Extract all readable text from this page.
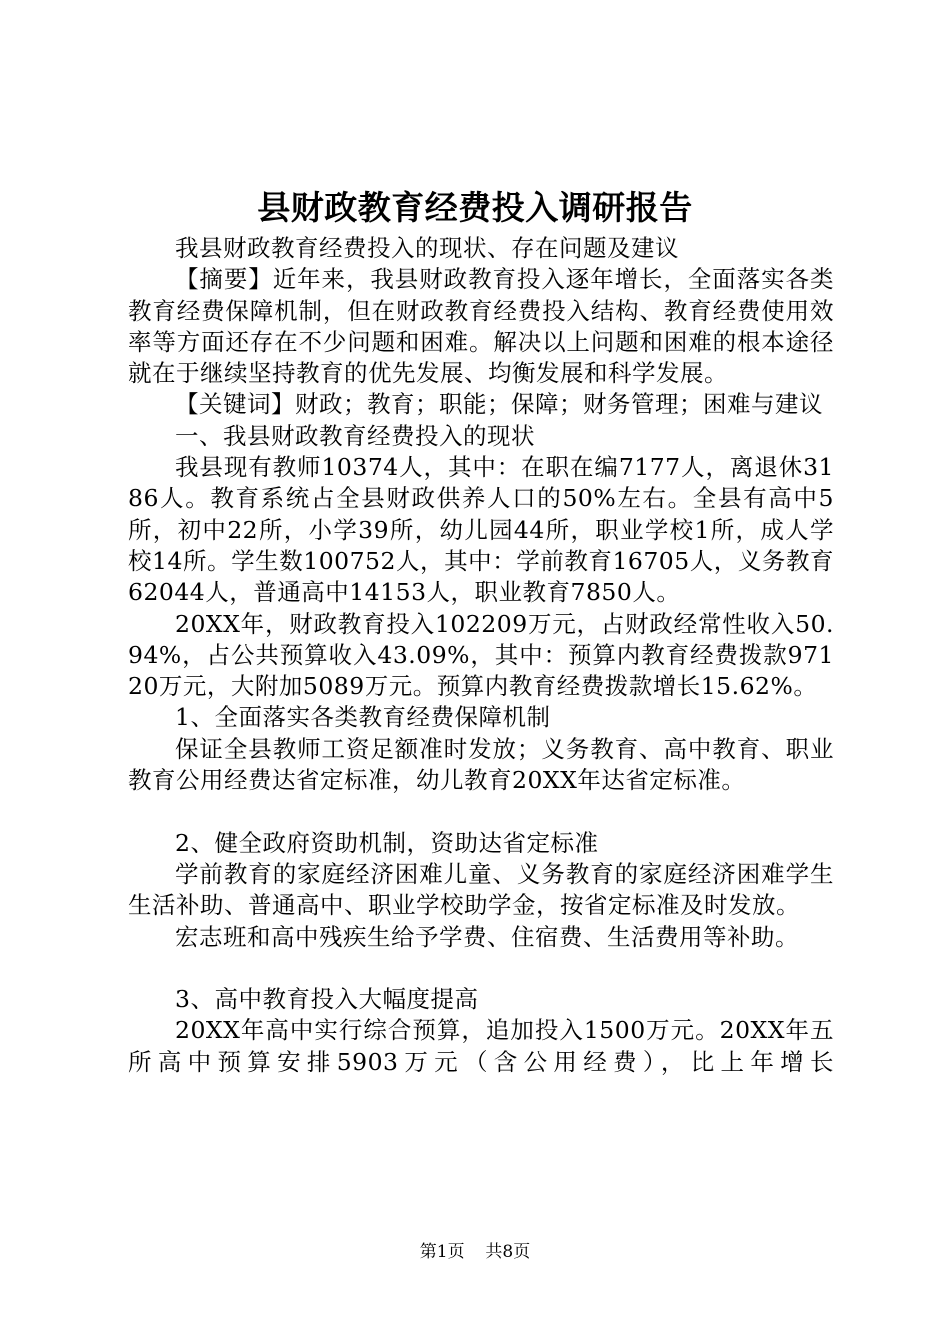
县财政教育经费投入调研报告

我县财政教育经费投入的现状、存在问题及建议

【摘要】近年来，我县财政教育投入逐年增长，全面落实各类教育经费保障机制，但在财政教育经费投入结构、教育经费使用效率等方面还存在不少问题和困难。解决以上问题和困难的根本途径就在于继续坚持教育的优先发展、均衡发展和科学发展。

【关键词】财政；教育；职能；保障；财务管理；困难与建议

一、我县财政教育经费投入的现状

我县现有教师10374人，其中：在职在编7177人，离退休3186人。教育系统占全县财政供养人口的50%左右。全县有高中5所，初中22所，小学39所，幼儿园44所，职业学校1所，成人学校14所。学生数100752人，其中：学前教育16705人，义务教育62044人，普通高中14153人，职业教育7850人。

20XX年，财政教育投入102209万元，占财政经常性收入50.94%，占公共预算收入43.09%，其中：预算内教育经费拨款97120万元，大附加5089万元。预算内教育经费拨款增长15.62%。

1、全面落实各类教育经费保障机制

保证全县教师工资足额准时发放；义务教育、高中教育、职业教育公用经费达省定标准，幼儿教育20XX年达省定标准。

2、健全政府资助机制，资助达省定标准

学前教育的家庭经济困难儿童、义务教育的家庭经济困难学生生活补助、普通高中、职业学校助学金，按省定标准及时发放。

宏志班和高中残疾生给予学费、住宿费、生活费用等补助。

3、高中教育投入大幅度提高

20XX年高中实行综合预算，追加投入1500万元。20XX年五所高中预算安排5903万元（含公用经费），比上年增长

第1页 共8页
